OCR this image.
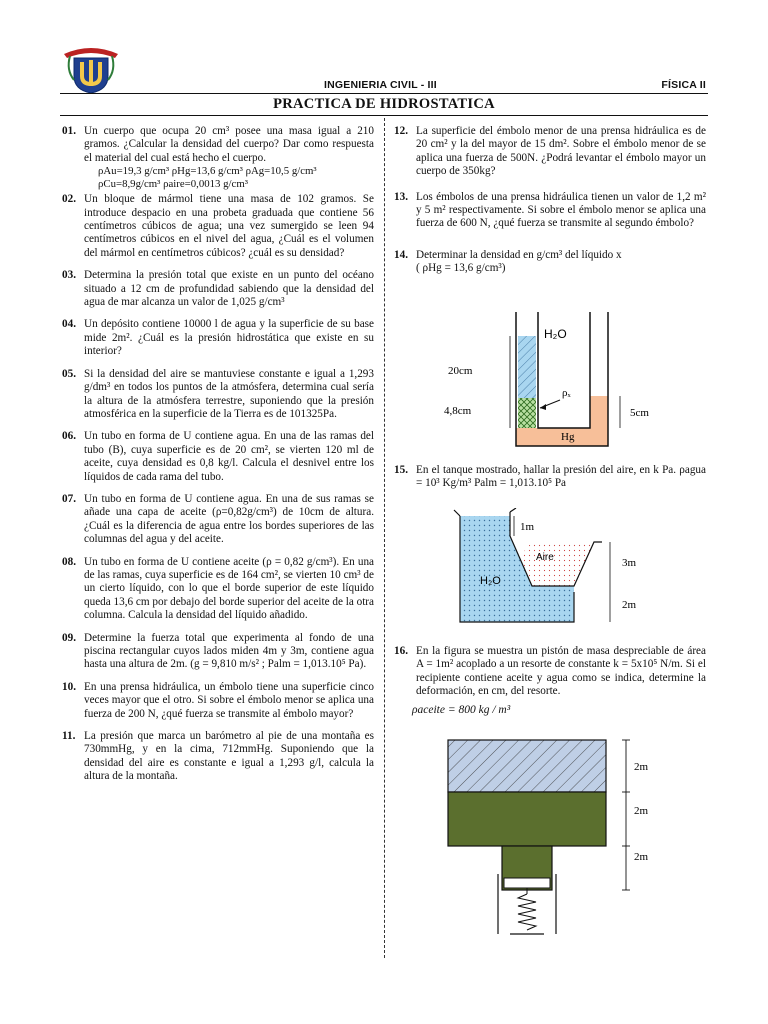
INGENIERIA CIVIL - III	FÍSICA II
PRACTICA DE HIDROSTATICA
01. Un cuerpo que ocupa 20 cm³ posee una masa igual a 210 gramos. ¿Calcular la densidad del cuerpo? Dar como respuesta el material del cual está hecho el cuerpo.
ρAu=19,3 g/cm³ ρHg=13,6 g/cm³ ρAg=10,5 g/cm³
ρCu=8,9g/cm³ ρaire=0,0013 g/cm³
02. Un bloque de mármol tiene una masa de 102 gramos. Se introduce despacio en una probeta graduada que contiene 56 centímetros cúbicos de agua; una vez sumergido se leen 94 centímetros cúbicos en el nivel del agua, ¿Cuál es el volumen del mármol en centímetros cúbicos? ¿cuál es su densidad?
03. Determina la presión total que existe en un punto del océano situado a 12 cm de profundidad sabiendo que la densidad del agua de mar alcanza un valor de 1,025 g/cm³
04. Un depósito contiene 10000 l de agua y la superficie de su base mide 2m². ¿Cuál es la presión hidrostática que existe en su interior?
05. Si la densidad del aire se mantuviese constante e igual a 1,293 g/dm³ en todos los puntos de la atmósfera, determina cual sería la altura de la atmósfera terrestre, suponiendo que la presión atmosférica en la superficie de la Tierra es de 101325Pa.
06. Un tubo en forma de U contiene agua. En una de las ramas del tubo (B), cuya superficie es de 20 cm², se vierten 120 ml de aceite, cuya densidad es 0,8 kg/l. Calcula el desnivel entre los líquidos de cada rama del tubo.
07. Un tubo en forma de U contiene agua. En una de sus ramas se añade una capa de aceite (ρ=0,82g/cm³) de 10cm de altura. ¿Cuál es la diferencia de agua entre los bordes superiores de las columnas del agua y del aceite.
08. Un tubo en forma de U contiene aceite (ρ = 0,82 g/cm³). En una de las ramas, cuya superficie es de 164 cm², se vierten 10 cm³ de un cierto líquido, con lo que el borde superior de este líquido queda 13,6 cm por debajo del borde superior del aceite de la otra columna. Calcula la densidad del líquido añadido.
09. Determine la fuerza total que experimenta al fondo de una piscina rectangular cuyos lados miden 4m y 3m, contiene agua hasta una altura de 2m. (g = 9,810 m/s² ; Palm = 1,013.10⁵ Pa).
10. En una prensa hidráulica, un émbolo tiene una superficie cinco veces mayor que el otro. Si sobre el émbolo menor se aplica una fuerza de 200 N, ¿qué fuerza se transmite al émbolo mayor?
11. La presión que marca un barómetro al pie de una montaña es 730mmHg, y en la cima, 712mmHg. Suponiendo que la densidad del aire es constante e igual a 1,293 g/l, calcula la altura de la montaña.
12. La superficie del émbolo menor de una prensa hidráulica es de 20 cm² y la del mayor de 15 dm². Sobre el émbolo menor de se aplica una fuerza de 500N. ¿Podrá levantar el émbolo mayor un cuerpo de 350kg?
13. Los émbolos de una prensa hidráulica tienen un valor de 1,2 m² y 5 m² respectivamente. Si sobre el émbolo menor se aplica una fuerza de 600 N, ¿qué fuerza se transmite al segundo émbolo?
14. Determinar la densidad en g/cm³ del líquido x
( ρHg = 13,6 g/cm³)
15. En el tanque mostrado, hallar la presión del aire, en k Pa. ρagua = 10³ Kg/m³ Palm = 1,013.10⁵ Pa
16. En la figura se muestra un pistón de masa despreciable de área A = 1m² acoplado a un resorte de constante k = 5x10⁵ N/m. Si el recipiente contiene aceite y agua como se indica, determine la deformación, en cm, del resorte.
ρaceite = 800 kg / m³
H₂O
ρₓ
20cm
4,8cm	5cm
Hg
1m
3m
2m
Aire
H₂O
2m
2m
2m
